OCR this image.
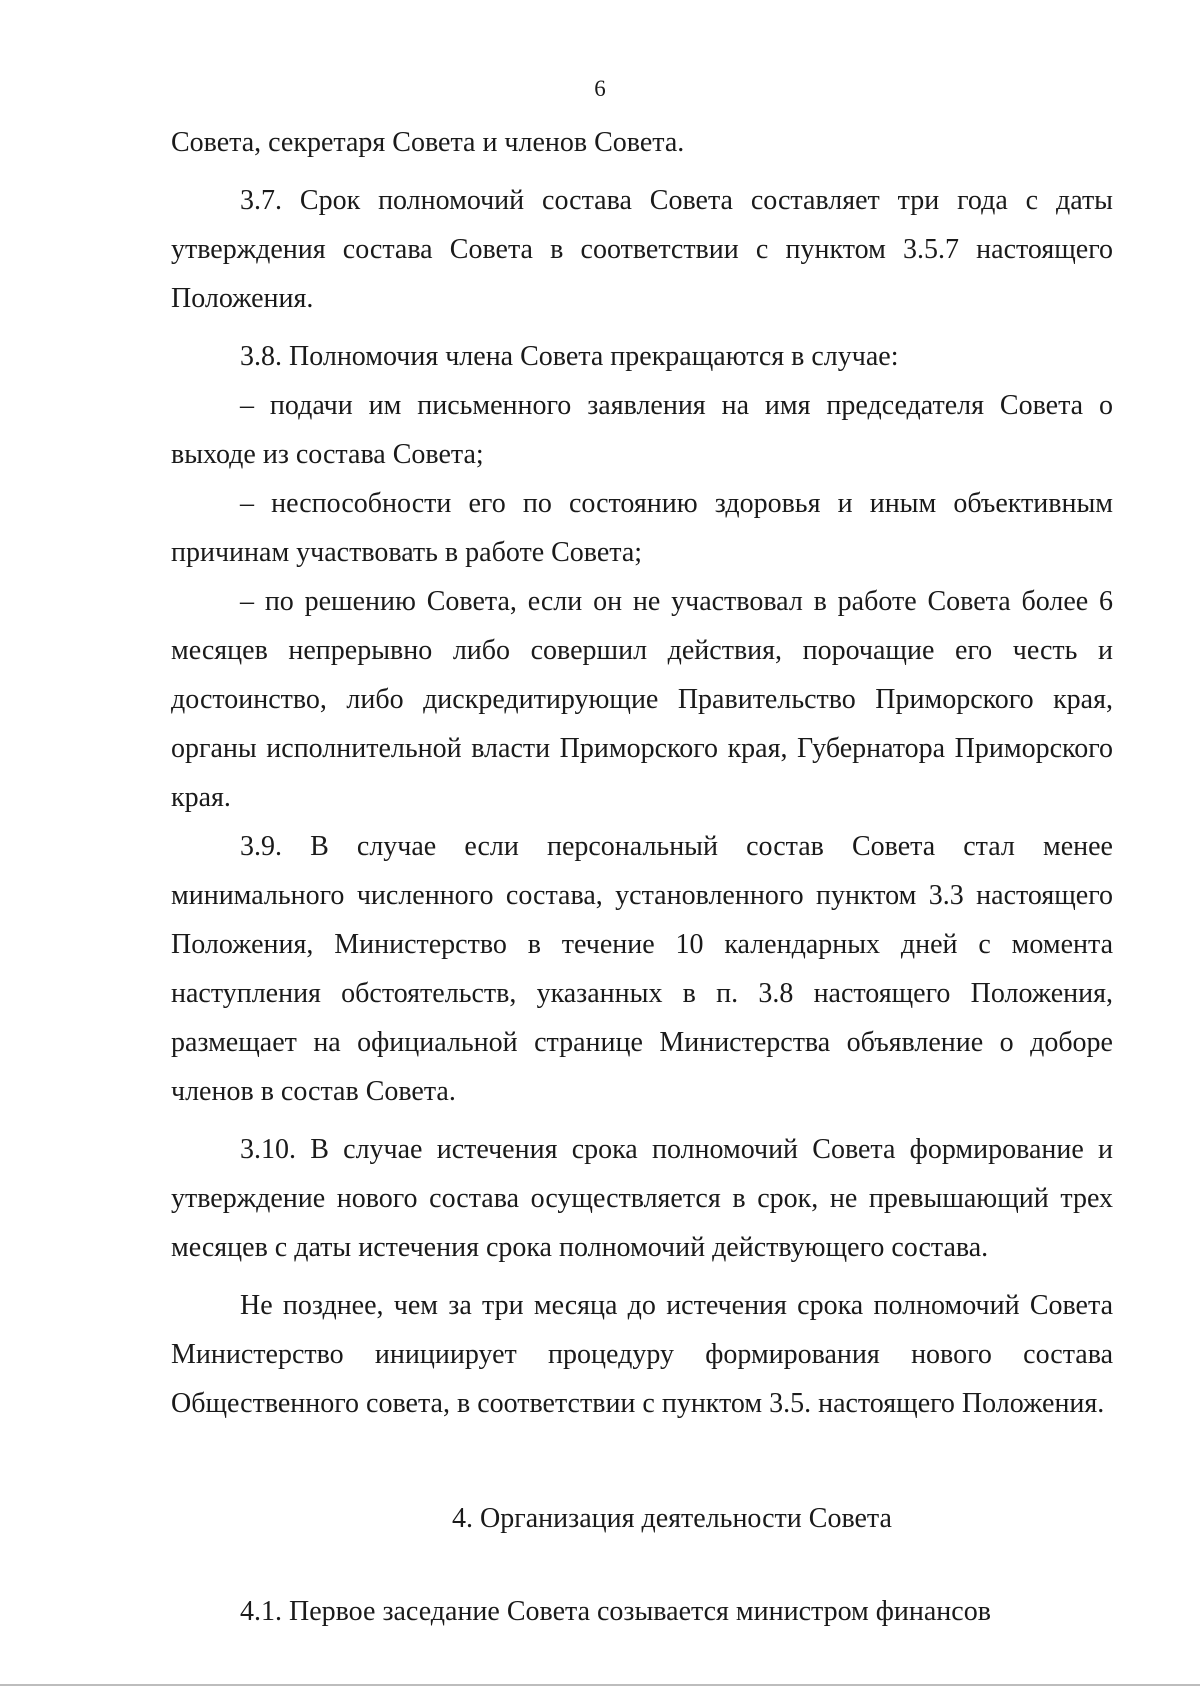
6

Совета, секретаря Совета и членов Совета.

3.7. Срок полномочий состава Совета составляет три года с даты утверждения состава Совета в соответствии с пунктом 3.5.7 настоящего Положения.

3.8. Полномочия члена Совета прекращаются в случае:

– подачи им письменного заявления на имя председателя Совета о выходе из состава Совета;

– неспособности его по состоянию здоровья и иным объективным причинам участвовать в работе Совета;

– по решению Совета, если он не участвовал в работе Совета более 6 месяцев непрерывно либо совершил действия, порочащие его честь и достоинство, либо дискредитирующие Правительство Приморского края, органы исполнительной власти Приморского края, Губернатора Приморского края.

3.9. В случае если персональный состав Совета стал менее минимального численного состава, установленного пунктом 3.3 настоящего Положения, Министерство в течение 10 календарных дней с момента наступления обстоятельств, указанных в п. 3.8 настоящего Положения, размещает на официальной странице Министерства объявление о доборе членов в состав Совета.

3.10. В случае истечения срока полномочий Совета формирование и утверждение нового состава осуществляется в срок, не превышающий трех месяцев с даты истечения срока полномочий действующего состава.

Не позднее, чем за три месяца до истечения срока полномочий Совета Министерство инициирует процедуру формирования нового состава Общественного совета, в соответствии с пунктом 3.5. настоящего Положения.

4. Организация деятельности Совета

4.1. Первое заседание Совета созывается министром финансов
